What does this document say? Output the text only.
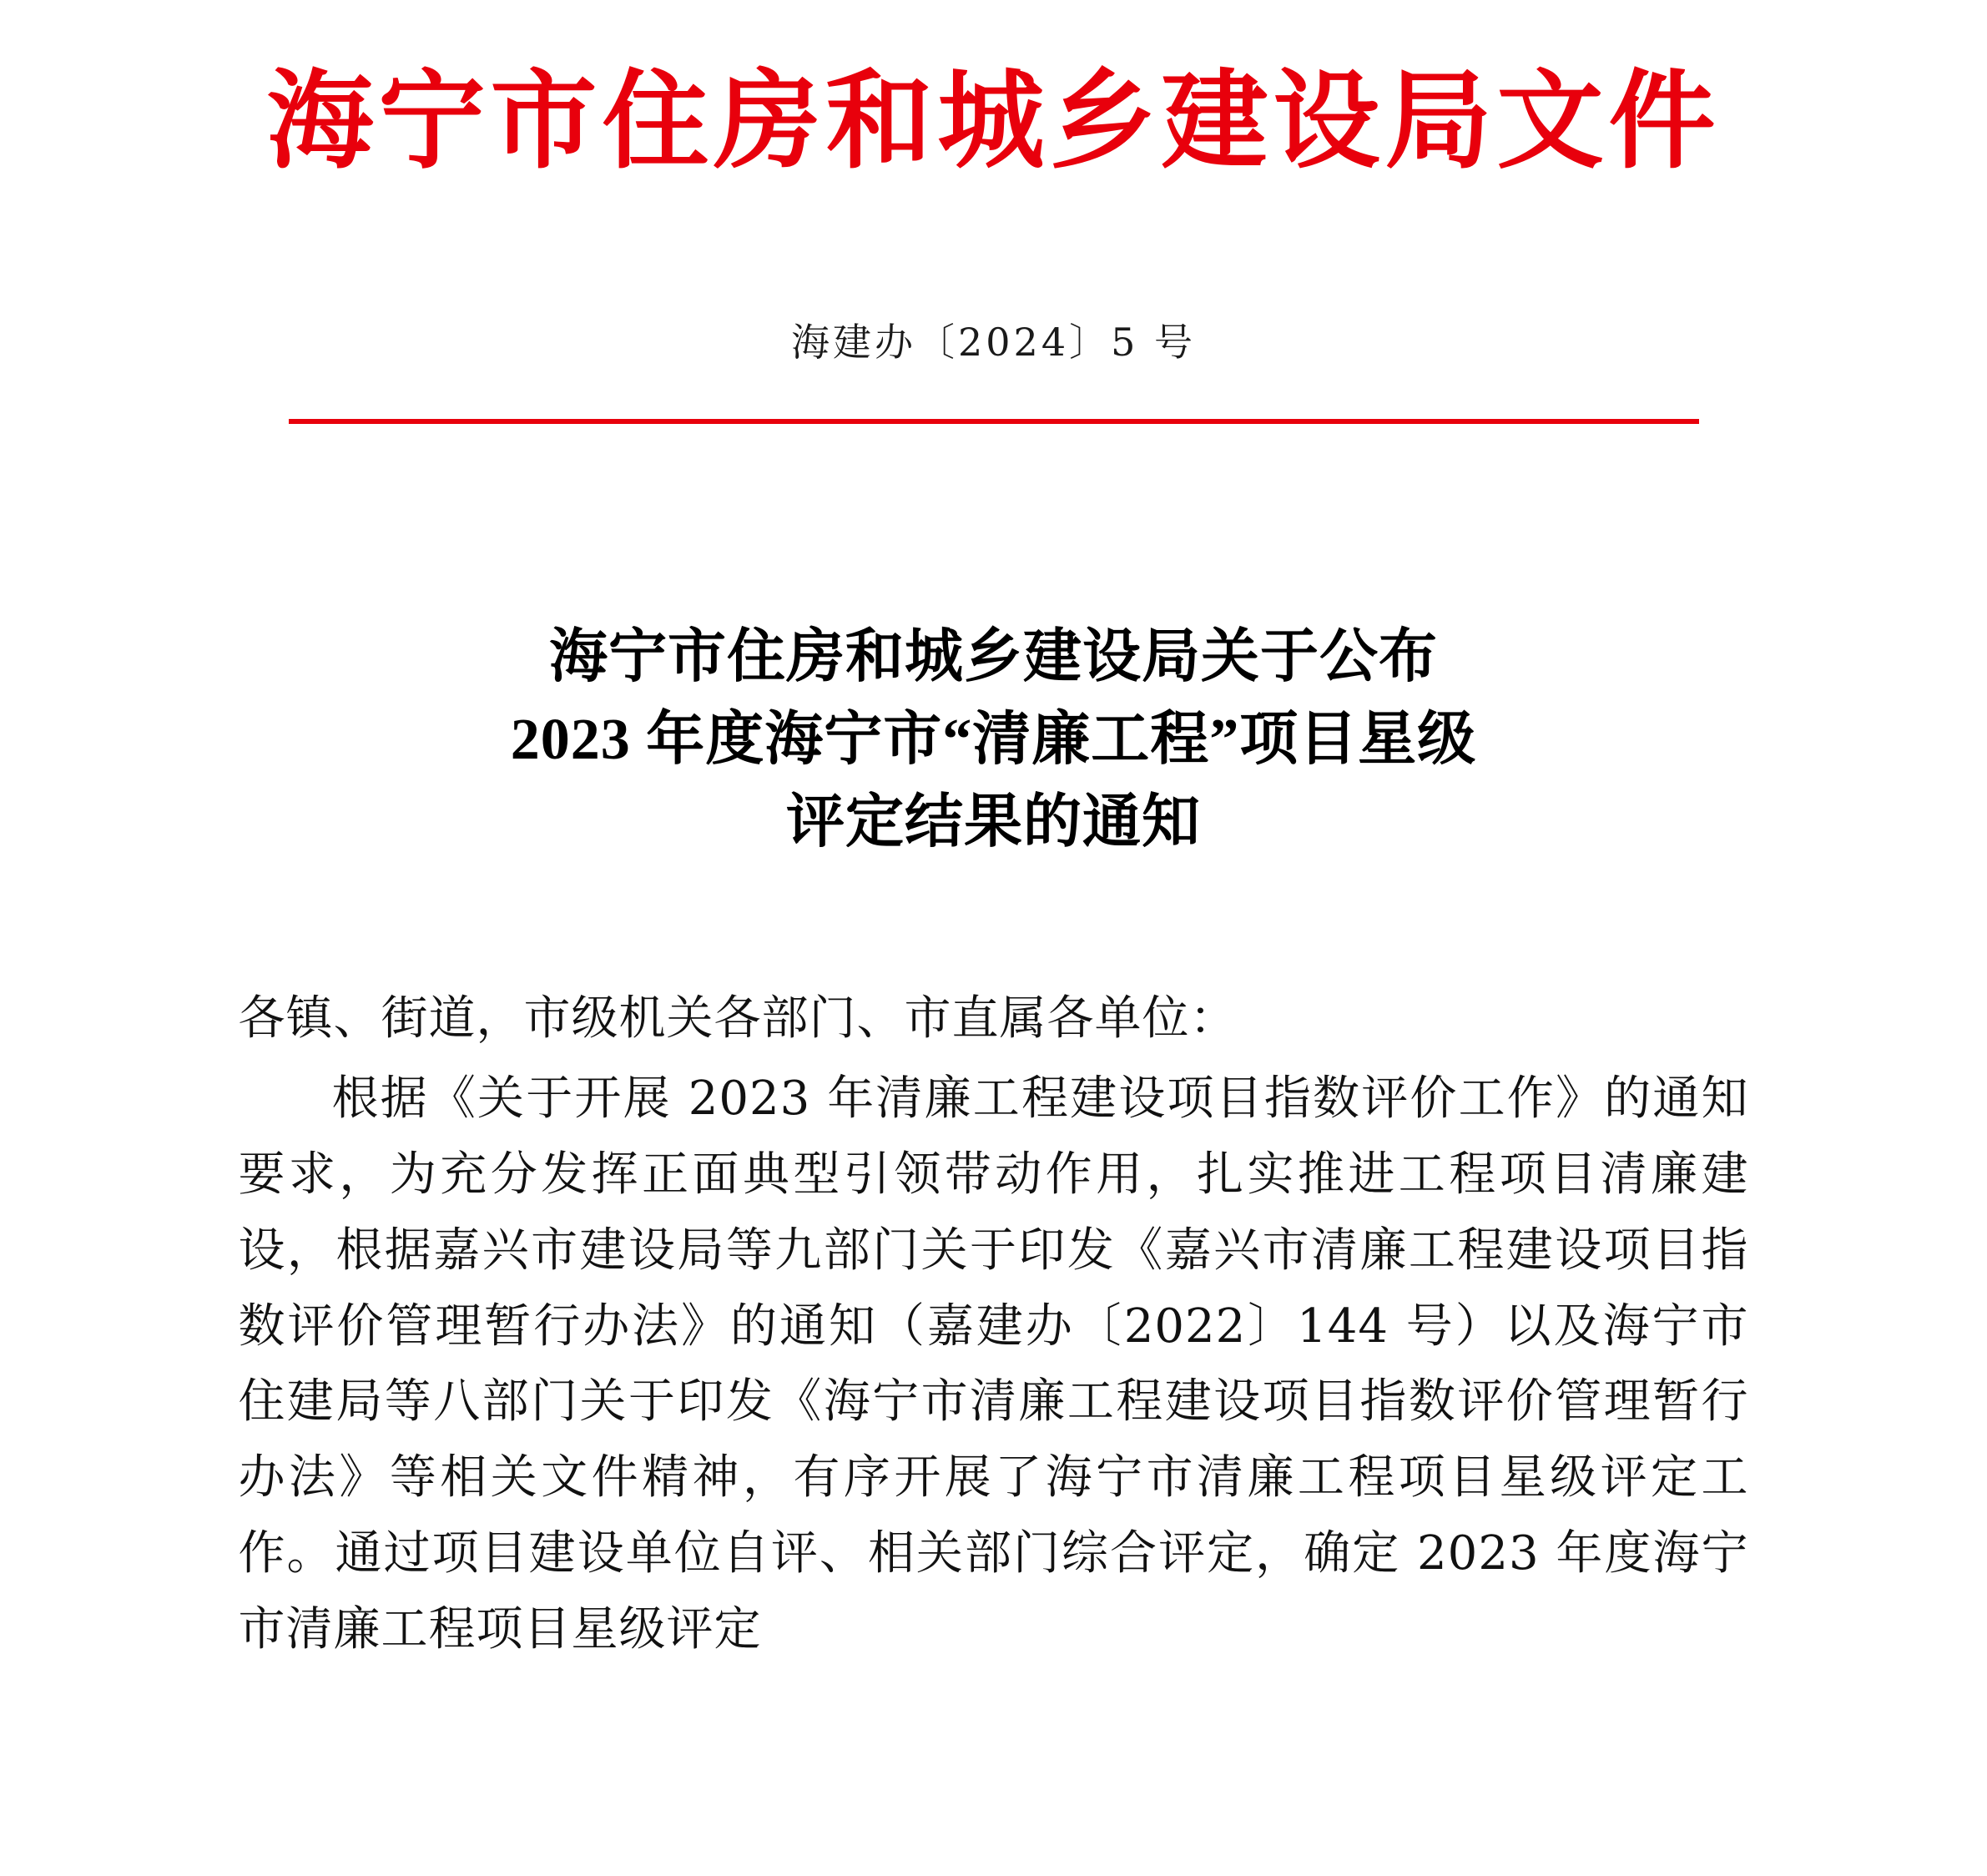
海宁市住房和城乡建设局文件
海建办〔2024〕5 号
海宁市住房和城乡建设局关于公布
2023 年度海宁市“清廉工程”项目星级
评定结果的通知

各镇、街道，市级机关各部门、市直属各单位：

根据《关于开展 2023 年清廉工程建设项目指数评价工作》的通知要求，为充分发挥正面典型引领带动作用，扎实推进工程项目清廉建设，根据嘉兴市建设局等九部门关于印发《嘉兴市清廉工程建设项目指数评价管理暂行办法》的通知（嘉建办〔2022〕144 号）以及海宁市住建局等八部门关于印发《海宁市清廉工程建设项目指数评价管理暂行办法》等相关文件精神，有序开展了海宁市清廉工程项目星级评定工作。通过项目建设单位自评、相关部门综合评定，确定 2023 年度海宁市清廉工程项目星级评定
